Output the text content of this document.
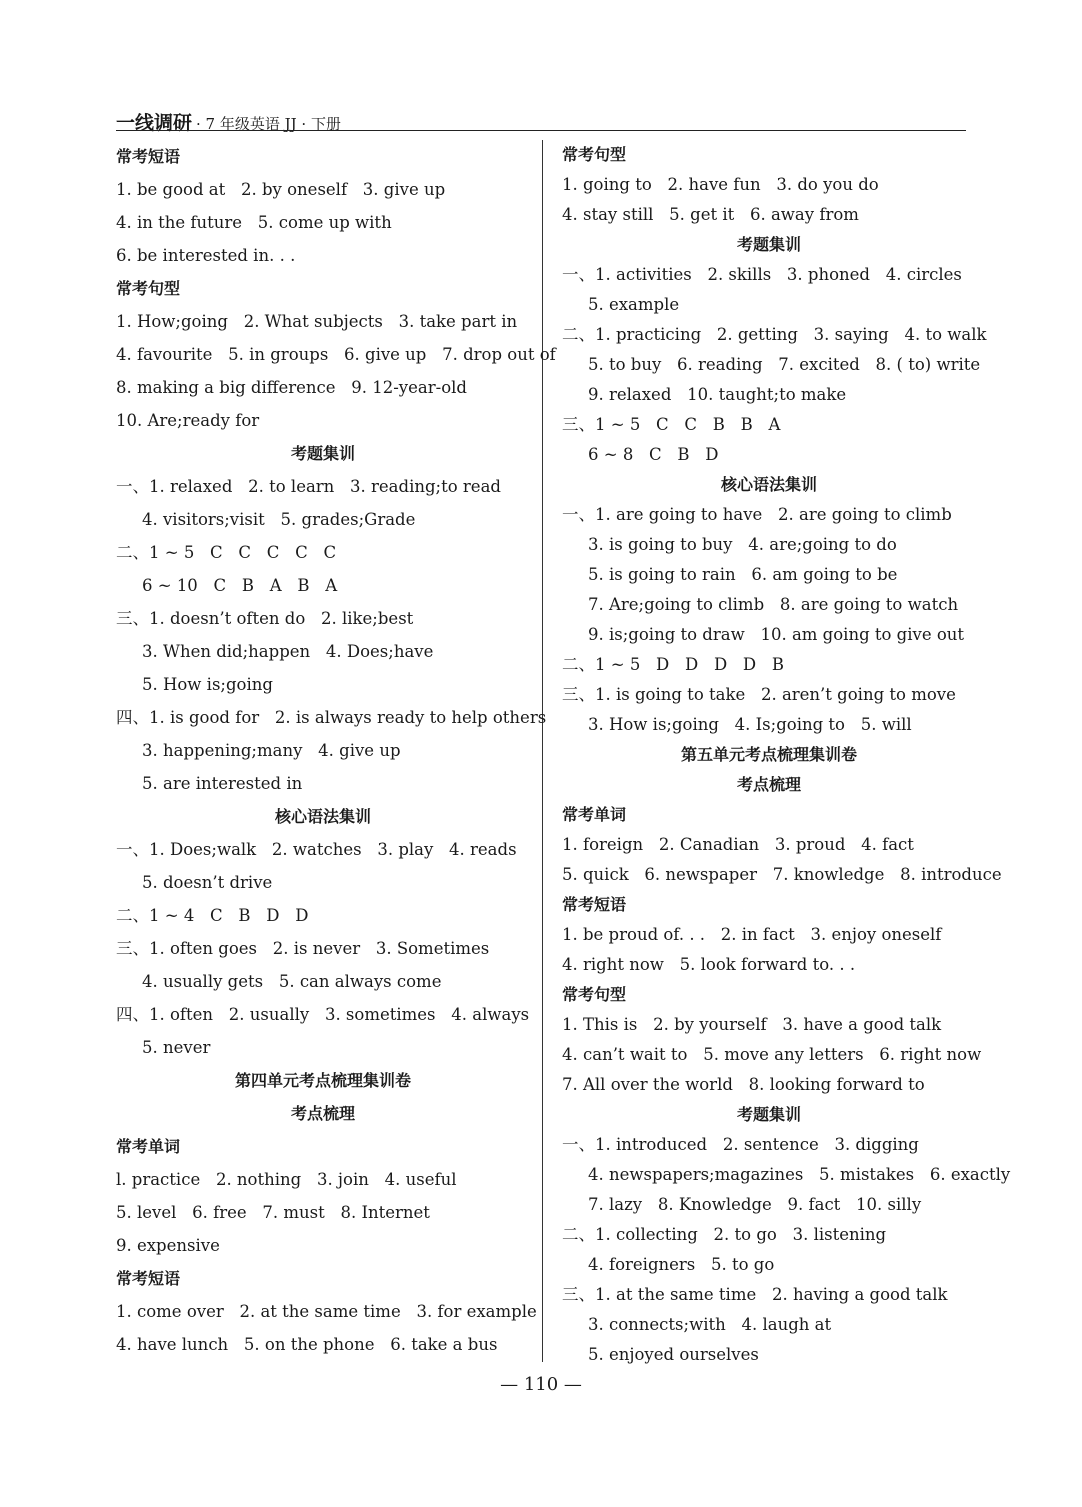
一线调研 · 7 年级英语 JJ · 下册
常考短语
1. be good at   2. by oneself   3. give up
4. in the future   5. come up with
6. be interested in. . .
常考句型
1. How;going   2. What subjects   3. take part in
4. favourite   5. in groups   6. give up   7. drop out of
8. making a big difference   9. 12-year-old
10. Are;ready for
考题集训
一、1. relaxed   2. to learn   3. reading;to read
4. visitors;visit   5. grades;Grade
二、1 ~ 5   C   C   C   C   C
6 ~ 10   C   B   A   B   A
三、1. doesn’t often do   2. like;best
3. When did;happen   4. Does;have
5. How is;going
四、1. is good for   2. is always ready to help others
3. happening;many   4. give up
5. are interested in
核心语法集训
一、1. Does;walk   2. watches   3. play   4. reads
5. doesn’t drive
二、1 ~ 4   C   B   D   D
三、1. often goes   2. is never   3. Sometimes
4. usually gets   5. can always come
四、1. often   2. usually   3. sometimes   4. always
5. never
第四单元考点梳理集训卷
考点梳理
常考单词
l. practice   2. nothing   3. join   4. useful
5. level   6. free   7. must   8. Internet
9. expensive
常考短语
1. come over   2. at the same time   3. for example
4. have lunch   5. on the phone   6. take a bus
常考句型
1. going to   2. have fun   3. do you do
4. stay still   5. get it   6. away from
考题集训
一、1. activities   2. skills   3. phoned   4. circles
5. example
二、1. practicing   2. getting   3. saying   4. to walk
5. to buy   6. reading   7. excited   8. ( to) write
9. relaxed   10. taught;to make
三、1 ~ 5   C   C   B   B   A
6 ~ 8   C   B   D
核心语法集训
一、1. are going to have   2. are going to climb
3. is going to buy   4. are;going to do
5. is going to rain   6. am going to be
7. Are;going to climb   8. are going to watch
9. is;going to draw   10. am going to give out
二、1 ~ 5   D   D   D   D   B
三、1. is going to take   2. aren’t going to move
3. How is;going   4. Is;going to   5. will
第五单元考点梳理集训卷
考点梳理
常考单词
1. foreign   2. Canadian   3. proud   4. fact
5. quick   6. newspaper   7. knowledge   8. introduce
常考短语
1. be proud of. . .   2. in fact   3. enjoy oneself
4. right now   5. look forward to. . .
常考句型
1. This is   2. by yourself   3. have a good talk
4. can’t wait to   5. move any letters   6. right now
7. All over the world   8. looking forward to
考题集训
一、1. introduced   2. sentence   3. digging
4. newspapers;magazines   5. mistakes   6. exactly
7. lazy   8. Knowledge   9. fact   10. silly
二、1. collecting   2. to go   3. listening
4. foreigners   5. to go
三、1. at the same time   2. having a good talk
3. connects;with   4. laugh at
5. enjoyed ourselves
— 110 —
